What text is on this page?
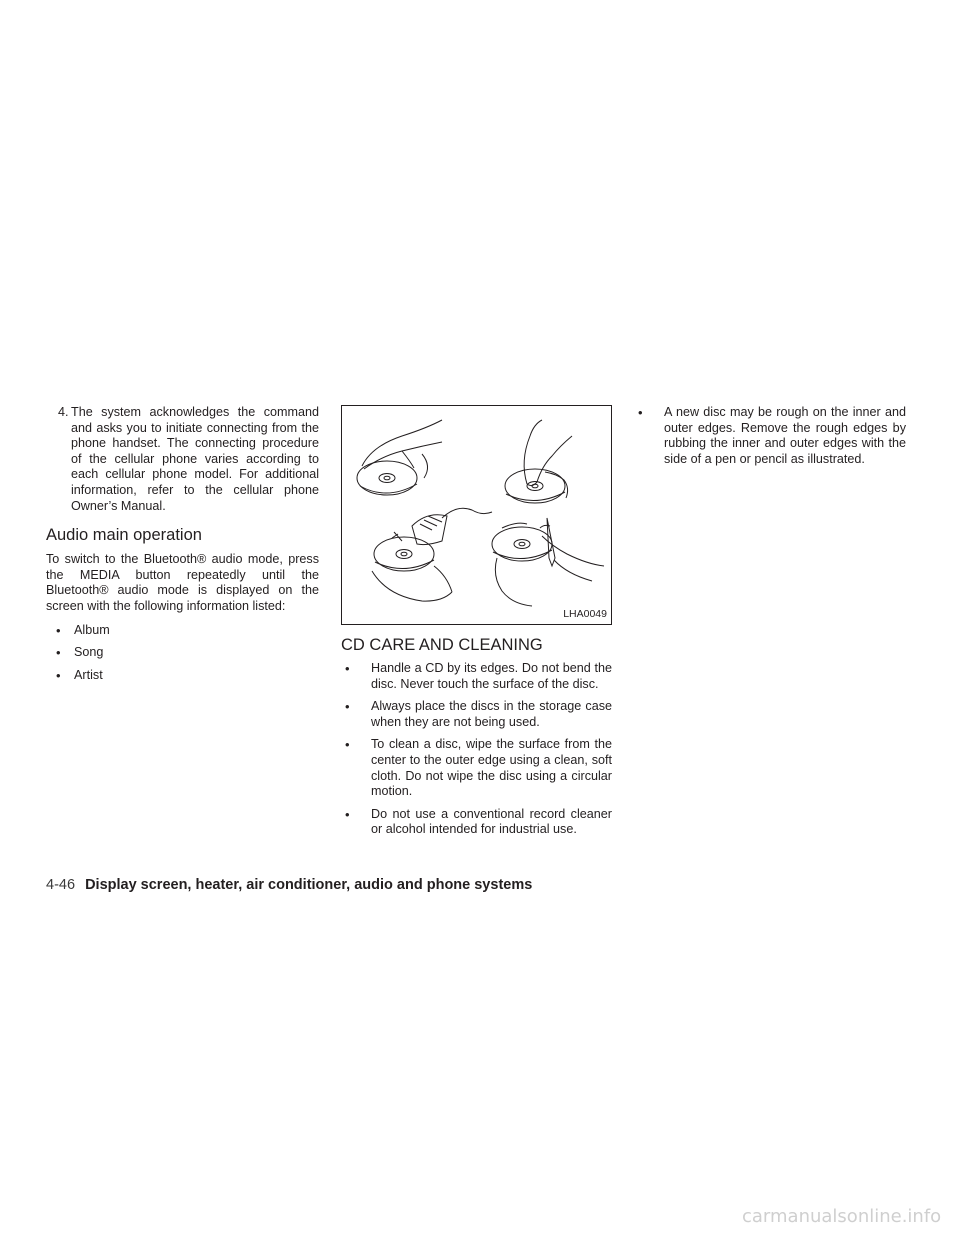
4. The system acknowledges the command and asks you to initiate connecting from the phone handset. The connecting procedure of the cellular phone varies according to each cellular phone model. For additional information, refer to the cellular phone Owner’s Manual.
Audio main operation

To switch to the Bluetooth® audio mode, press the MEDIA button repeatedly until the Bluetooth® audio mode is displayed on the screen with the following information listed:

• Album
• Song
• Artist
LHA0049
CD CARE AND CLEANING
• Handle a CD by its edges. Do not bend the disc. Never touch the surface of the disc.
• Always place the discs in the storage case when they are not being used.
• To clean a disc, wipe the surface from the center to the outer edge using a clean, soft cloth. Do not wipe the disc using a circular motion.
• Do not use a conventional record cleaner or alcohol intended for industrial use.
• A new disc may be rough on the inner and outer edges. Remove the rough edges by rubbing the inner and outer edges with the side of a pen or pencil as illustrated.
4-46 Display screen, heater, air conditioner, audio and phone systems
carmanualsonline.info
